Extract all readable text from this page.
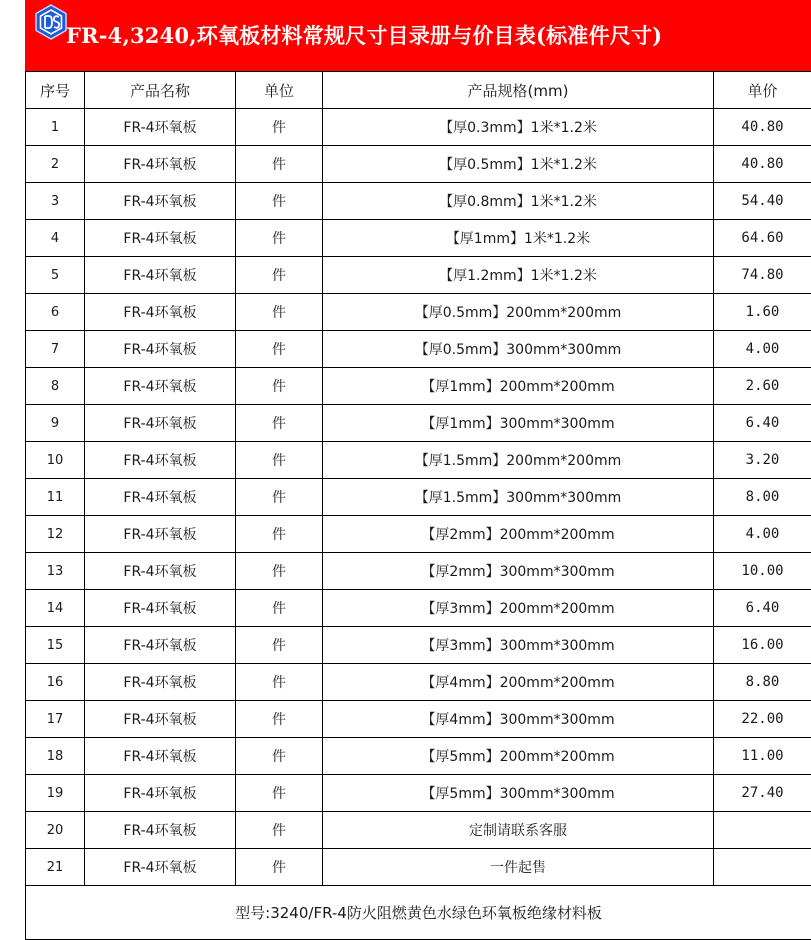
FR-4,3240,环氧板材料常规尺寸目录册与价目表(标准件尺寸)
序号	产品名称	单位	产品规格(mm)	单价
1	FR-4环氧板	件	【厚0.3mm】1米*1.2米	40.80
2	FR-4环氧板	件	【厚0.5mm】1米*1.2米	40.80
3	FR-4环氧板	件	【厚0.8mm】1米*1.2米	54.40
4	FR-4环氧板	件	【厚1mm】1米*1.2米	64.60
5	FR-4环氧板	件	【厚1.2mm】1米*1.2米	74.80
6	FR-4环氧板	件	【厚0.5mm】200mm*200mm	1.60
7	FR-4环氧板	件	【厚0.5mm】300mm*300mm	4.00
8	FR-4环氧板	件	【厚1mm】200mm*200mm	2.60
9	FR-4环氧板	件	【厚1mm】300mm*300mm	6.40
10	FR-4环氧板	件	【厚1.5mm】200mm*200mm	3.20
11	FR-4环氧板	件	【厚1.5mm】300mm*300mm	8.00
12	FR-4环氧板	件	【厚2mm】200mm*200mm	4.00
13	FR-4环氧板	件	【厚2mm】300mm*300mm	10.00
14	FR-4环氧板	件	【厚3mm】200mm*200mm	6.40
15	FR-4环氧板	件	【厚3mm】300mm*300mm	16.00
16	FR-4环氧板	件	【厚4mm】200mm*200mm	8.80
17	FR-4环氧板	件	【厚4mm】300mm*300mm	22.00
18	FR-4环氧板	件	【厚5mm】200mm*200mm	11.00
19	FR-4环氧板	件	【厚5mm】300mm*300mm	27.40
20	FR-4环氧板	件	定制请联系客服	
21	FR-4环氧板	件	一件起售	
型号:3240/FR-4防火阻燃黄色水绿色环氧板绝缘材料板				
